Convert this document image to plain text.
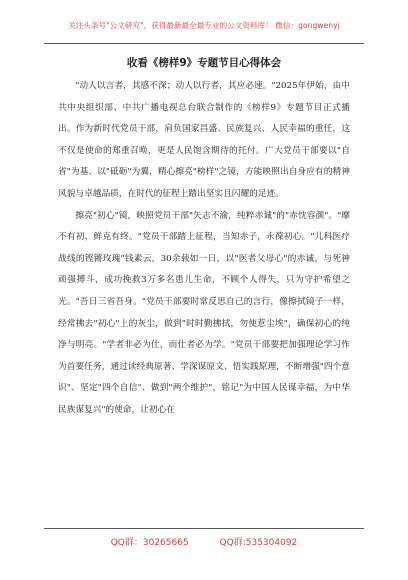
关注头条号"公文研究"，获得最新最全最专业的公文资料库！ 微信：gongwenyj
收看《榜样9》专题节目心得体会

"动人以言者，其感不深；动人以行者，其应必速。"2025年伊始，由中共中央组织部、中共广播电视总台联合制作的《榜样9》专题节目正式播出。作为新时代党员干部，肩负国家昌盛、民族复兴、人民幸福的重任，这不仅是使命的郑重召唤，更是人民饱含期待的托付。广大党员干部要以"自省"为基、以"砥砺"为翼，精心擦亮"榜样"之镜，方能映照出自身应有的精神风貌与卓越品质，在时代的征程上踏出坚实且闪耀的足迹。

擦亮"初心"镜，映照党员干部"矢志不渝，纯粹赤诚"的"赤忱容颜"。"靡不有初，鲜克有终。"党员干部踏上征程，当知赤子，永葆初心。"儿科医疗战线的铿锵玫瑰"钱素云，30余载如一日，以"医者父母心"的赤诚，与死神顽强搏斗，成功挽救3万多名患儿生命，不顾个人得失，只为守护希望之光。"吾日三省吾身。"党员干部要时常反思自己的言行，像擦拭镜子一样，经常拂去"初心"上的灰尘，做到"时时勤拂拭，勿使惹尘埃"，确保初心的纯净与明亮。"学者非必为仕，而仕者必为学。"党员干部要把加强理论学习作为首要任务，通过读经典原著、学深谋原文、悟实践原理，不断增强"四个意识"、坚定"四个自信"、做到"两个维护"，铭记"为中国人民谋幸福，为中华民族谋复兴"的使命，让初心在

QQ群：30265665	QQ群:535304092
